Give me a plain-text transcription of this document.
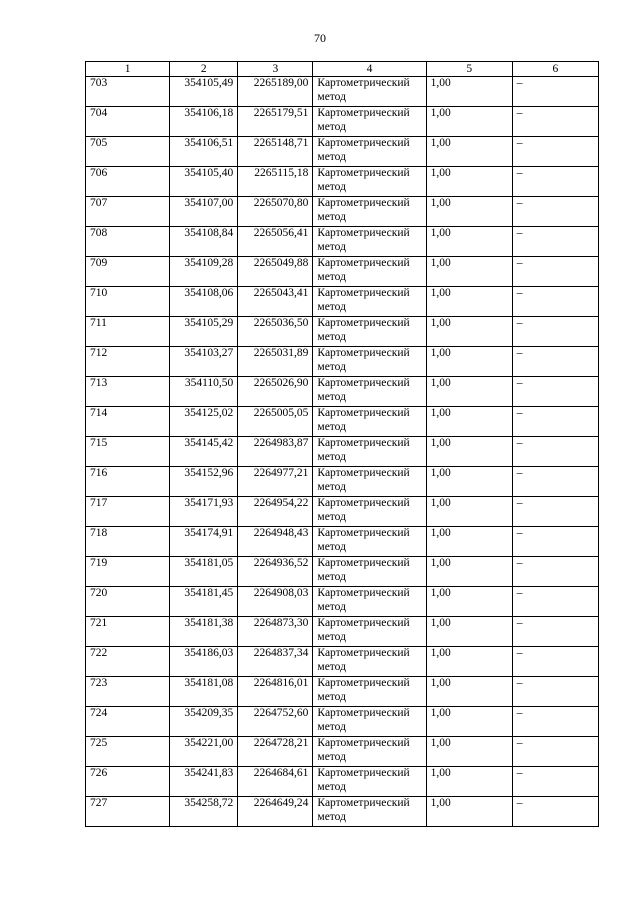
70
1	2	3	4	5	6
703	354105,49	2265189,00	Картометрический метод	1,00	–
704	354106,18	2265179,51	Картометрический метод	1,00	–
705	354106,51	2265148,71	Картометрический метод	1,00	–
706	354105,40	2265115,18	Картометрический метод	1,00	–
707	354107,00	2265070,80	Картометрический метод	1,00	–
708	354108,84	2265056,41	Картометрический метод	1,00	–
709	354109,28	2265049,88	Картометрический метод	1,00	–
710	354108,06	2265043,41	Картометрический метод	1,00	–
711	354105,29	2265036,50	Картометрический метод	1,00	–
712	354103,27	2265031,89	Картометрический метод	1,00	–
713	354110,50	2265026,90	Картометрический метод	1,00	–
714	354125,02	2265005,05	Картометрический метод	1,00	–
715	354145,42	2264983,87	Картометрический метод	1,00	–
716	354152,96	2264977,21	Картометрический метод	1,00	–
717	354171,93	2264954,22	Картометрический метод	1,00	–
718	354174,91	2264948,43	Картометрический метод	1,00	–
719	354181,05	2264936,52	Картометрический метод	1,00	–
720	354181,45	2264908,03	Картометрический метод	1,00	–
721	354181,38	2264873,30	Картометрический метод	1,00	–
722	354186,03	2264837,34	Картометрический метод	1,00	–
723	354181,08	2264816,01	Картометрический метод	1,00	–
724	354209,35	2264752,60	Картометрический метод	1,00	–
725	354221,00	2264728,21	Картометрический метод	1,00	–
726	354241,83	2264684,61	Картометрический метод	1,00	–
727	354258,72	2264649,24	Картометрический метод	1,00	–
